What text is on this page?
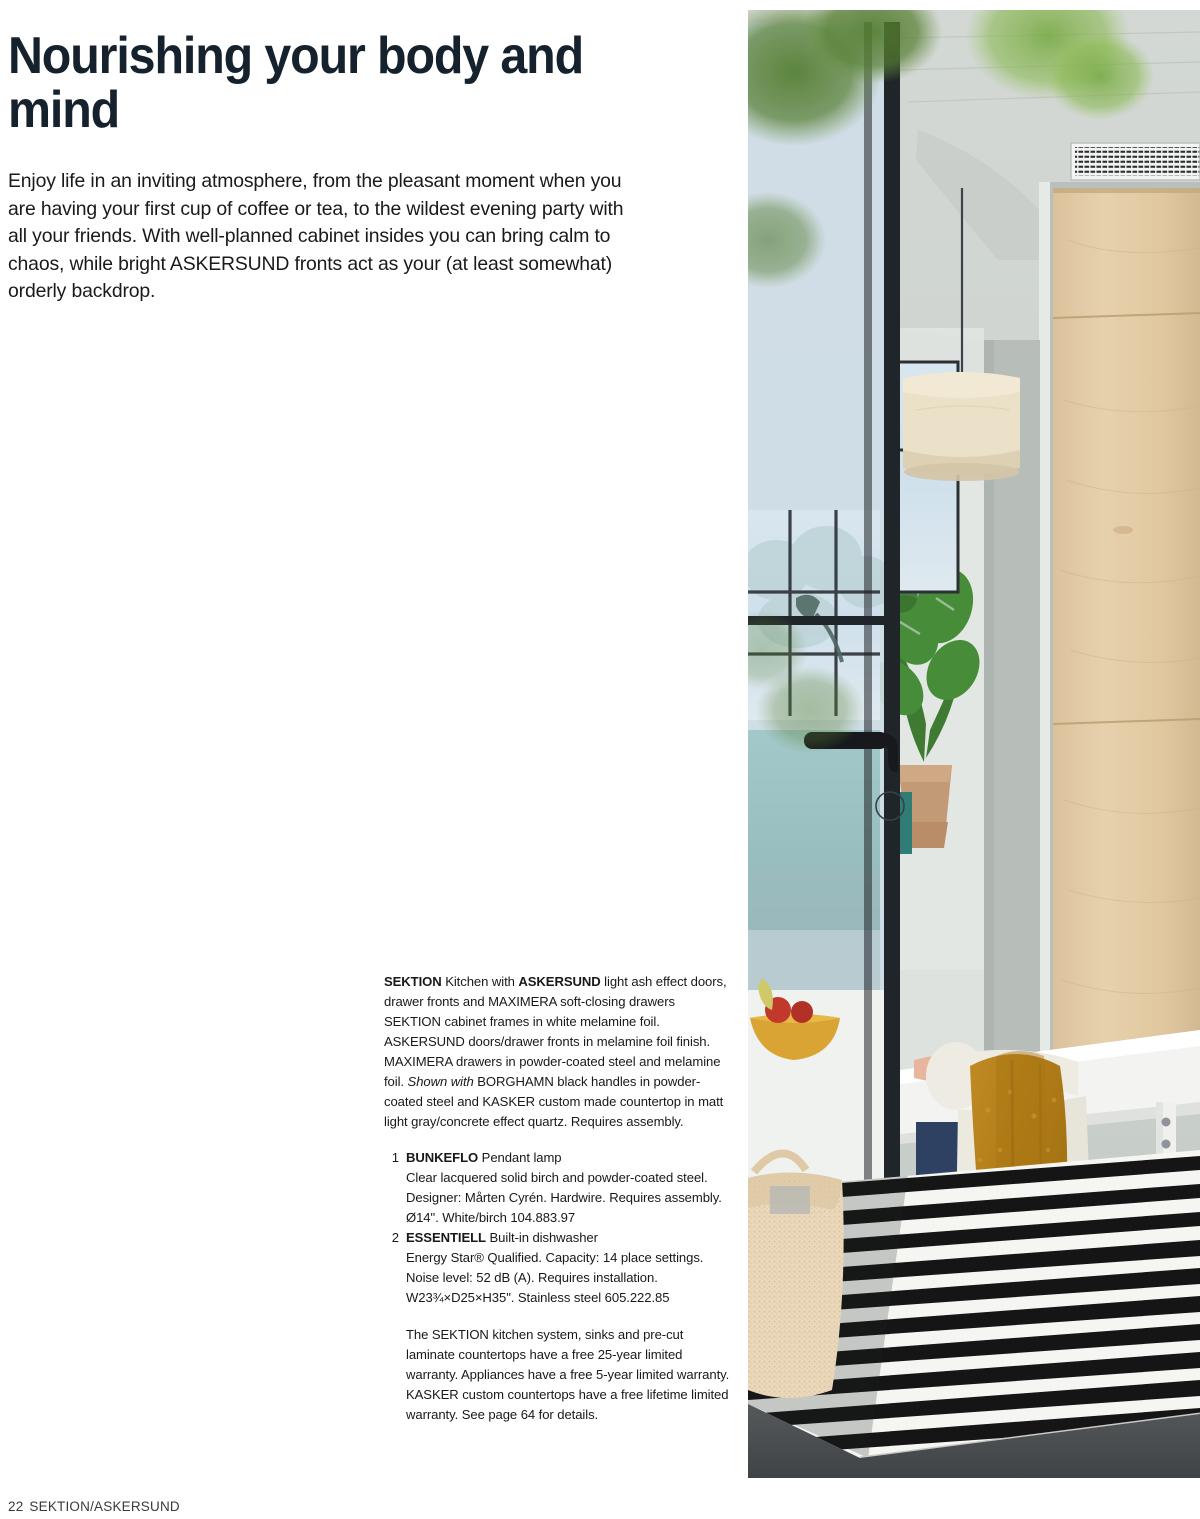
Nourishing your body and mind

Enjoy life in an inviting atmosphere, from the pleasant moment when you are having your first cup of coffee or tea, to the wildest evening party with all your friends. With well-planned cabinet insides you can bring calm to chaos, while bright ASKERSUND fronts act as your (at least somewhat) orderly backdrop.

SEKTION Kitchen with ASKERSUND light ash effect doors, drawer fronts and MAXIMERA soft-closing drawers

SEKTION cabinet frames in white melamine foil. ASKERSUND doors/drawer fronts in melamine foil finish. MAXIMERA drawers in powder-coated steel and melamine foil. Shown with BORGHAMN black handles in powder-coated steel and KASKER custom made countertop in matt light gray/concrete effect quartz. Requires assembly.

1 BUNKEFLO Pendant lamp
Clear lacquered solid birch and powder-coated steel. Designer: Mårten Cyrén. Hardwire. Requires assembly. Ø14". White/birch 104.883.97
2 ESSENTIELL Built-in dishwasher
Energy Star® Qualified. Capacity: 14 place settings. Noise level: 52 dB (A). Requires installation. W23¾×D25×H35". Stainless steel 605.222.85

The SEKTION kitchen system, sinks and pre-cut laminate countertops have a free 25-year limited warranty. Appliances have a free 5-year limited warranty. KASKER custom countertops have a free lifetime limited warranty. See page 64 for details.

22 SEKTION/ASKERSUND
